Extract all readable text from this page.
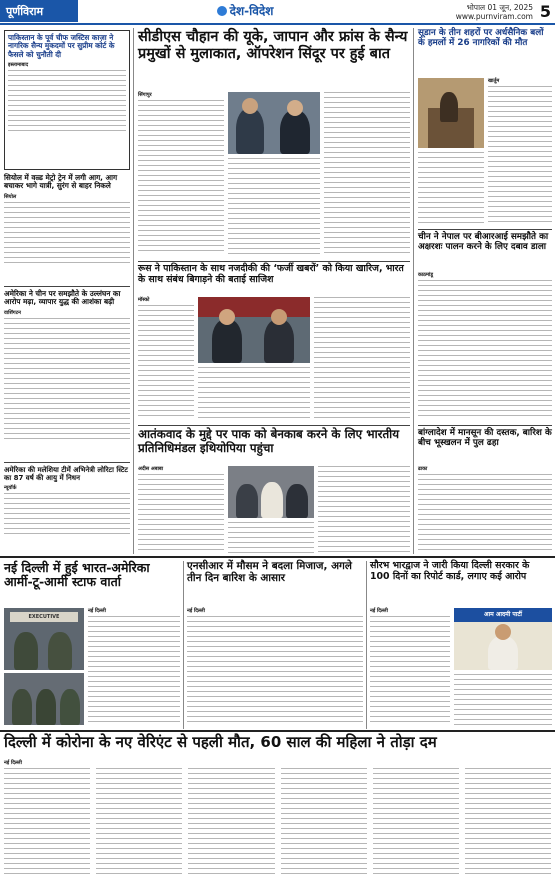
पूर्णविराम	देश-विदेश	भोपाल 01 जून, 2025
www.purnviram.com 5
पाकिस्तान के पूर्व चीफ जस्टिस काज़ा ने नागरिक सैन्य मुकदमों पर सुप्रीम कोर्ट के फैसले को चुनौती दी
इस्लामाबाद
सियोल में वल्र्ड मेट्रो ट्रेन में लगी आग, आग बचाकर भागे यात्री, सुरंग से बाहर निकले
सियोल
अमेरिका ने चीन पर समझौते के उल्लंघन का आरोप मढ़ा, व्यापार युद्ध की आशंका बढ़ी
वाशिंगटन
अमेरिका की मलेशिया टीमें अभिनेत्री लोरिटा स्टिट का 87 वर्ष की आयु में निधन
न्यूयॉर्क
सीडीएस चौहान की यूके, जापान और फ्रांस के सैन्य प्रमुखों से मुलाकात, ऑपरेशन सिंदूर पर हुई बात
सिंगापुर
रूस ने पाकिस्तान के साथ नजदीकी की ‘फर्जी खबरों’ को किया खारिज, भारत के साथ संबंध बिगाड़ने की बताई साजिश
मॉस्को
आतंकवाद के मुद्दे पर पाक को बेनकाब करने के लिए भारतीय प्रतिनिधिमंडल इथियोपिया पहुंचा
अदीस अबाबा
सूडान के तीन शहरों पर अर्धसैनिक बलों के हमलों में 26 नागरिकों की मौत
खार्तूम
चीन ने नेपाल पर बीआरआई समझौते का अक्षरशः पालन करने के लिए दबाव डाला
काठमांडू
बांग्लादेश में मानसून की दस्तक, बारिश के बीच भूस्खलन में पुल ढहा
ढाका
नई दिल्ली में हुई भारत-अमेरिका आर्मी-टू-आर्मी स्टाफ वार्ता
EXECUTIVE
नई दिल्ली
एनसीआर में मौसम ने बदला मिजाज, अगले तीन दिन बारिश के आसार
नई दिल्ली
सौरभ भारद्वाज ने जारी किया दिल्ली सरकार के 100 दिनों का रिपोर्ट कार्ड, लगाए कई आरोप
नई दिल्ली	आम आदमी पार्टी
दिल्ली में कोरोना के नए वेरिएंट से पहली मौत, 60 साल की महिला ने तोड़ा दम
नई दिल्ली
